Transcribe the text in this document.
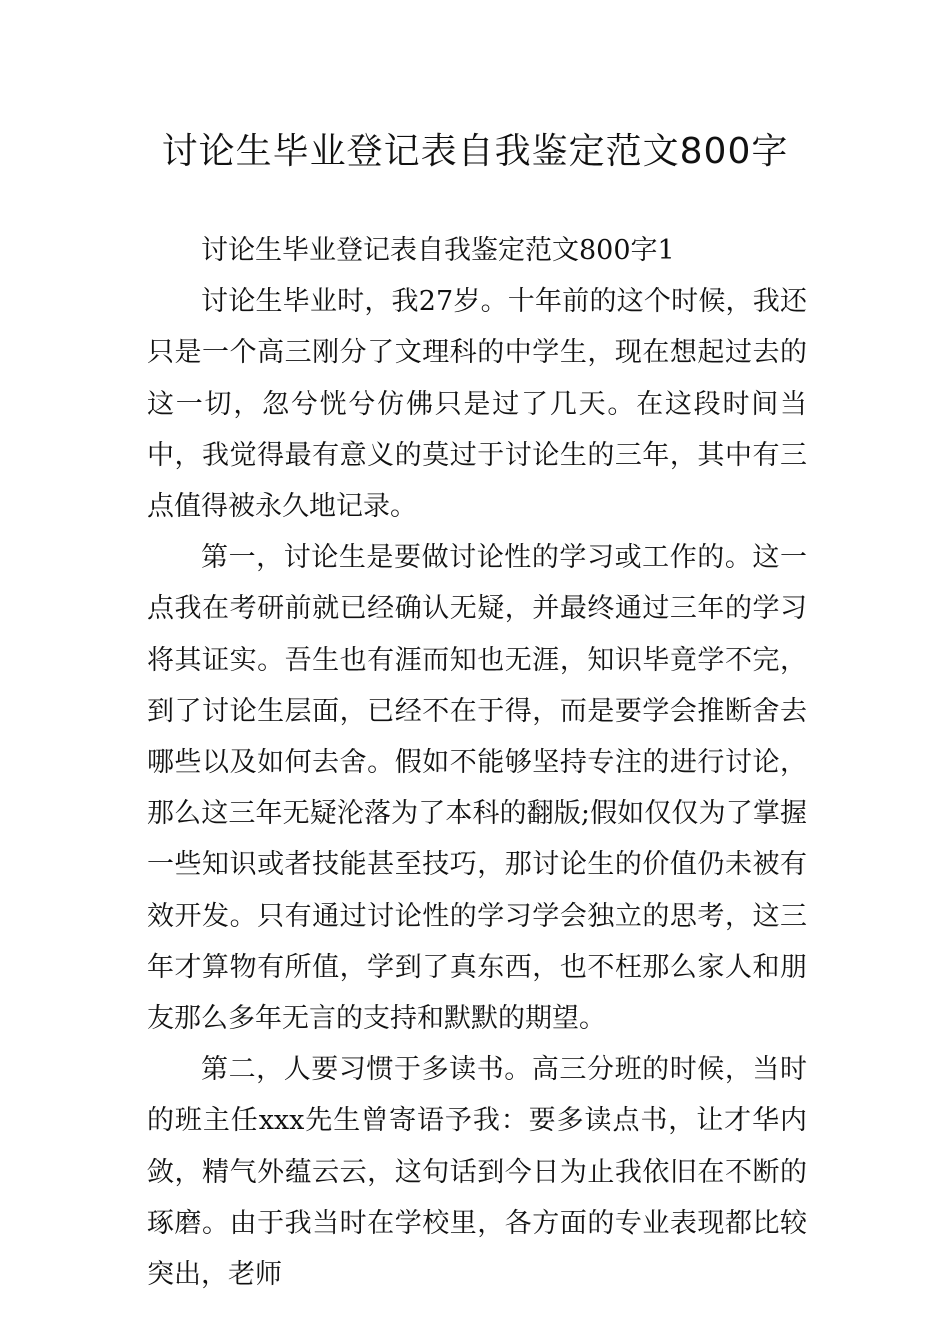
讨论生毕业登记表自我鉴定范文800字

讨论生毕业登记表自我鉴定范文800字1

讨论生毕业时，我27岁。十年前的这个时候，我还只是一个高三刚分了文理科的中学生，现在想起过去的这一切，忽兮恍兮仿佛只是过了几天。在这段时间当中，我觉得最有意义的莫过于讨论生的三年，其中有三点值得被永久地记录。

第一，讨论生是要做讨论性的学习或工作的。这一点我在考研前就已经确认无疑，并最终通过三年的学习将其证实。吾生也有涯而知也无涯，知识毕竟学不完，到了讨论生层面，已经不在于得，而是要学会推断舍去哪些以及如何去舍。假如不能够坚持专注的进行讨论，那么这三年无疑沦落为了本科的翻版;假如仅仅为了掌握一些知识或者技能甚至技巧，那讨论生的价值仍未被有效开发。只有通过讨论性的学习学会独立的思考，这三年才算物有所值，学到了真东西，也不枉那么家人和朋友那么多年无言的支持和默默的期望。

第二，人要习惯于多读书。高三分班的时候，当时的班主任xxx先生曾寄语予我：要多读点书，让才华内敛，精气外蕴云云，这句话到今日为止我依旧在不断的琢磨。由于我当时在学校里，各方面的专业表现都比较突出，老师
